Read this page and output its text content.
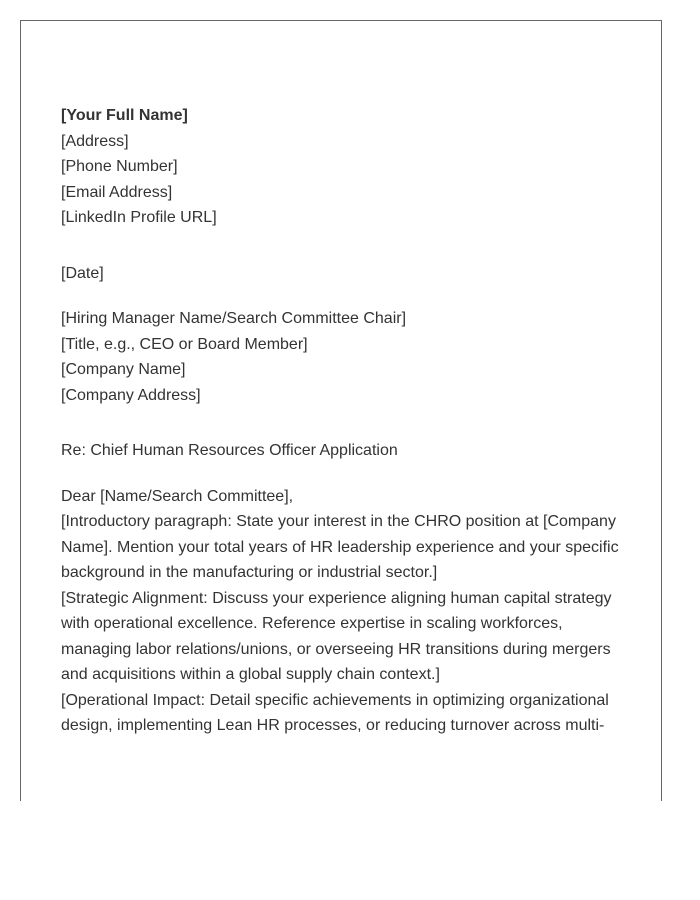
[Your Full Name]
[Address]
[Phone Number]
[Email Address]
[LinkedIn Profile URL]
[Date]
[Hiring Manager Name/Search Committee Chair]
[Title, e.g., CEO or Board Member]
[Company Name]
[Company Address]
Re: Chief Human Resources Officer Application
Dear [Name/Search Committee],

[Introductory paragraph: State your interest in the CHRO position at [Company Name]. Mention your total years of HR leadership experience and your specific background in the manufacturing or industrial sector.]

[Strategic Alignment: Discuss your experience aligning human capital strategy with operational excellence. Reference expertise in scaling workforces, managing labor relations/unions, or overseeing HR transitions during mergers and acquisitions within a global supply chain context.]

[Operational Impact: Detail specific achievements in optimizing organizational design, implementing Lean HR processes, or reducing turnover across multi-
